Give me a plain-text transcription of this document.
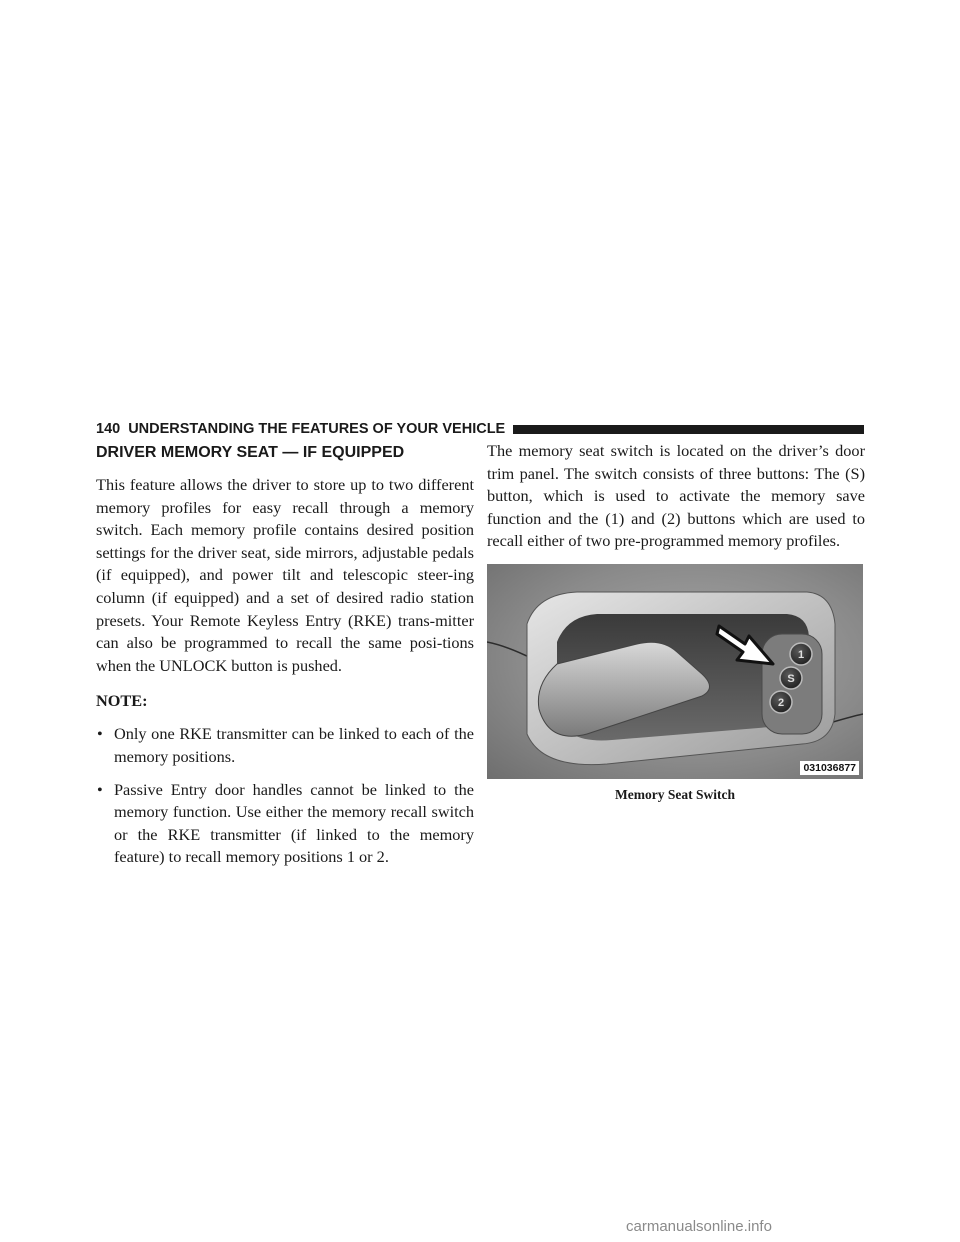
140 UNDERSTANDING THE FEATURES OF YOUR VEHICLE
DRIVER MEMORY SEAT — IF EQUIPPED

This feature allows the driver to store up to two different memory profiles for easy recall through a memory switch. Each memory profile contains desired position settings for the driver seat, side mirrors, adjustable pedals (if equipped), and power tilt and telescopic steer-ing column (if equipped) and a set of desired radio station presets. Your Remote Keyless Entry (RKE) trans-mitter can also be programmed to recall the same posi-tions when the UNLOCK button is pushed.

NOTE:
• Only one RKE transmitter can be linked to each of the memory positions.
• Passive Entry door handles cannot be linked to the memory function. Use either the memory recall switch or the RKE transmitter (if linked to the memory feature) to recall memory positions 1 or 2.

The memory seat switch is located on the driver’s door trim panel. The switch consists of three buttons: The (S) button, which is used to activate the memory save function and the (1) and (2) buttons which are used to recall either of two pre-programmed memory profiles.

1
S
2
031036877
Memory Seat Switch
carmanualsonline.info
